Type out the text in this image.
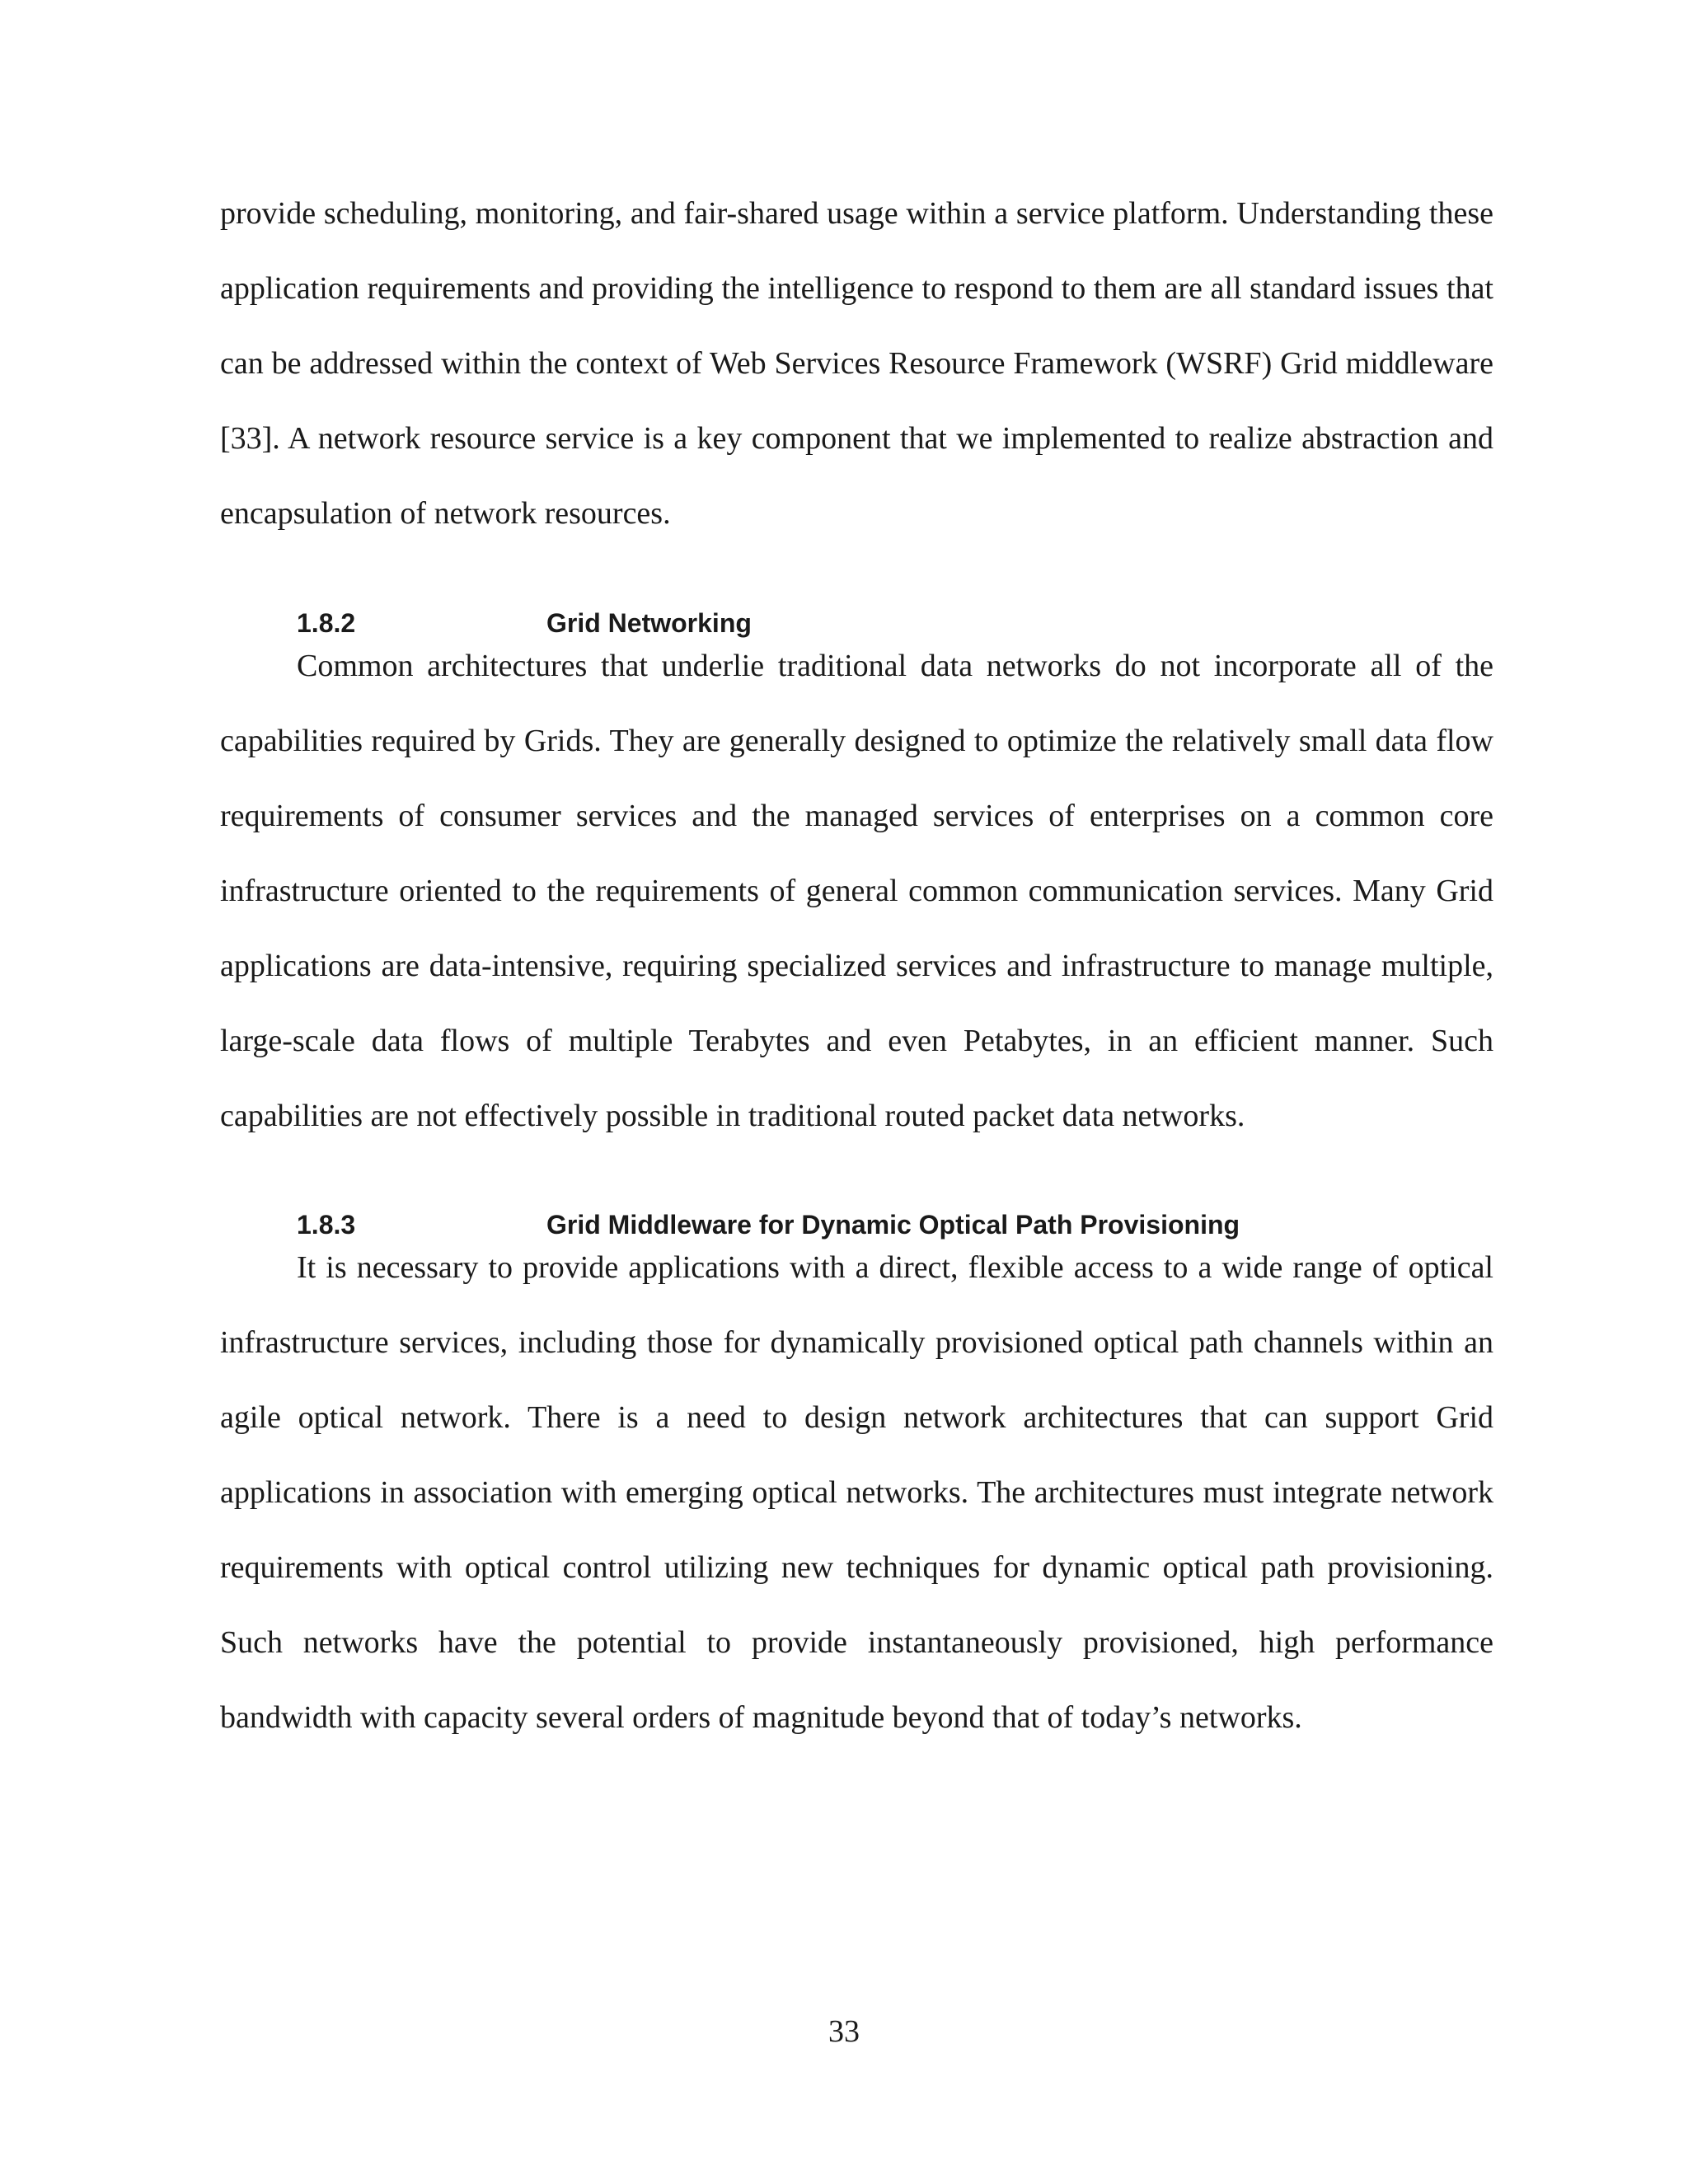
provide scheduling, monitoring, and fair-shared usage within a service platform. Understanding these application requirements and providing the intelligence to respond to them are all standard issues that can be addressed within the context of Web Services Resource Framework (WSRF) Grid middleware [33]. A network resource service is a key component that we implemented to realize abstraction and encapsulation of network resources.

1.8.2	Grid Networking

Common architectures that underlie traditional data networks do not incorporate all of the capabilities required by Grids. They are generally designed to optimize the relatively small data flow requirements of consumer services and the managed services of enterprises on a common core infrastructure oriented to the requirements of general common communication services. Many Grid applications are data-intensive, requiring specialized services and infrastructure to manage multiple, large-scale data flows of multiple Terabytes and even Petabytes, in an efficient manner. Such capabilities are not effectively possible in traditional routed packet data networks.

1.8.3	Grid Middleware for Dynamic Optical Path Provisioning

It is necessary to provide applications with a direct, flexible access to a wide range of optical infrastructure services, including those for dynamically provisioned optical path channels within an agile optical network. There is a need to design network architectures that can support Grid applications in association with emerging optical networks. The architectures must integrate network requirements with optical control utilizing new techniques for dynamic optical path provisioning. Such networks have the potential to provide instantaneously provisioned, high performance bandwidth with capacity several orders of magnitude beyond that of today’s networks.

33
